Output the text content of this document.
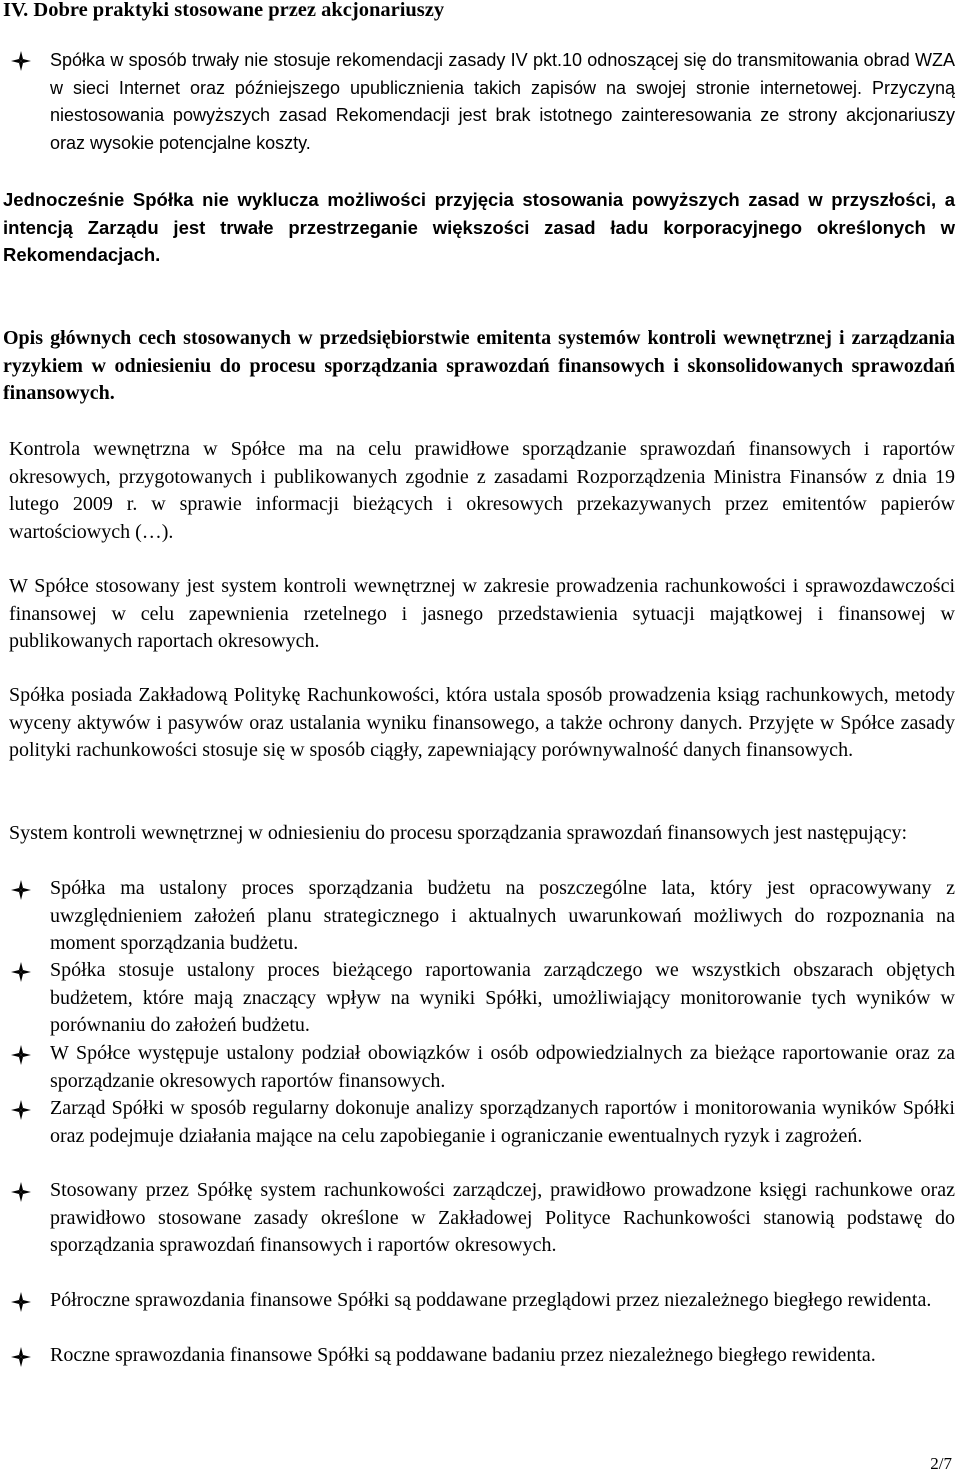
IV. Dobre praktyki stosowane przez akcjonariuszy
Spółka w sposób trwały nie stosuje rekomendacji zasady IV pkt.10 odnoszącej się do transmitowania obrad WZA w sieci Internet oraz późniejszego upublicznienia takich zapisów na swojej stronie internetowej. Przyczyną niestosowania powyższych zasad Rekomendacji jest brak istotnego zainteresowania ze strony akcjonariuszy oraz wysokie potencjalne koszty.
Jednocześnie Spółka nie wyklucza możliwości przyjęcia stosowania powyższych zasad w przyszłości, a intencją Zarządu jest trwałe przestrzeganie większości zasad ładu korporacyjnego określonych w Rekomendacjach.
Opis głównych cech stosowanych w przedsiębiorstwie emitenta systemów kontroli wewnętrznej i zarządzania ryzykiem w odniesieniu do procesu sporządzania sprawozdań finansowych i skonsolidowanych sprawozdań finansowych.
Kontrola wewnętrzna w Spółce ma na celu prawidłowe sporządzanie sprawozdań finansowych i raportów okresowych, przygotowanych i publikowanych zgodnie z zasadami Rozporządzenia Ministra Finansów z dnia 19 lutego 2009 r. w sprawie informacji bieżących i okresowych przekazywanych przez emitentów papierów wartościowych (…).
W Spółce stosowany jest system kontroli wewnętrznej w zakresie prowadzenia rachunkowości i sprawozdawczości finansowej w celu zapewnienia rzetelnego i jasnego przedstawienia sytuacji majątkowej i finansowej w publikowanych raportach okresowych.
Spółka posiada Zakładową Politykę Rachunkowości, która ustala sposób prowadzenia ksiąg rachunkowych, metody wyceny aktywów i pasywów oraz ustalania wyniku finansowego, a także ochrony danych. Przyjęte w Spółce zasady polityki rachunkowości stosuje się w sposób ciągły, zapewniający porównywalność danych finansowych.
System kontroli wewnętrznej w odniesieniu do procesu sporządzania sprawozdań finansowych jest następujący:
Spółka ma ustalony proces sporządzania budżetu na poszczególne lata, który jest opracowywany z uwzględnieniem założeń planu strategicznego i aktualnych uwarunkowań możliwych do rozpoznania na moment sporządzania budżetu.
Spółka stosuje ustalony proces bieżącego raportowania zarządczego we wszystkich obszarach objętych budżetem, które mają znaczący wpływ na wyniki Spółki, umożliwiający monitorowanie tych wyników w porównaniu do założeń budżetu.
W Spółce występuje ustalony podział obowiązków i osób odpowiedzialnych za bieżące raportowanie oraz za sporządzanie okresowych raportów finansowych.
Zarząd Spółki w sposób regularny dokonuje analizy sporządzanych raportów i monitorowania wyników Spółki oraz podejmuje działania mające na celu zapobieganie i ograniczanie ewentualnych ryzyk i zagrożeń.
Stosowany przez Spółkę system rachunkowości zarządczej, prawidłowo prowadzone księgi rachunkowe oraz prawidłowo stosowane zasady określone w Zakładowej Polityce Rachunkowości stanowią podstawę do sporządzania sprawozdań finansowych i raportów okresowych.
Półroczne sprawozdania finansowe Spółki są poddawane przeglądowi przez niezależnego biegłego rewidenta.
Roczne sprawozdania finansowe Spółki są poddawane badaniu przez niezależnego biegłego rewidenta.
2/7
